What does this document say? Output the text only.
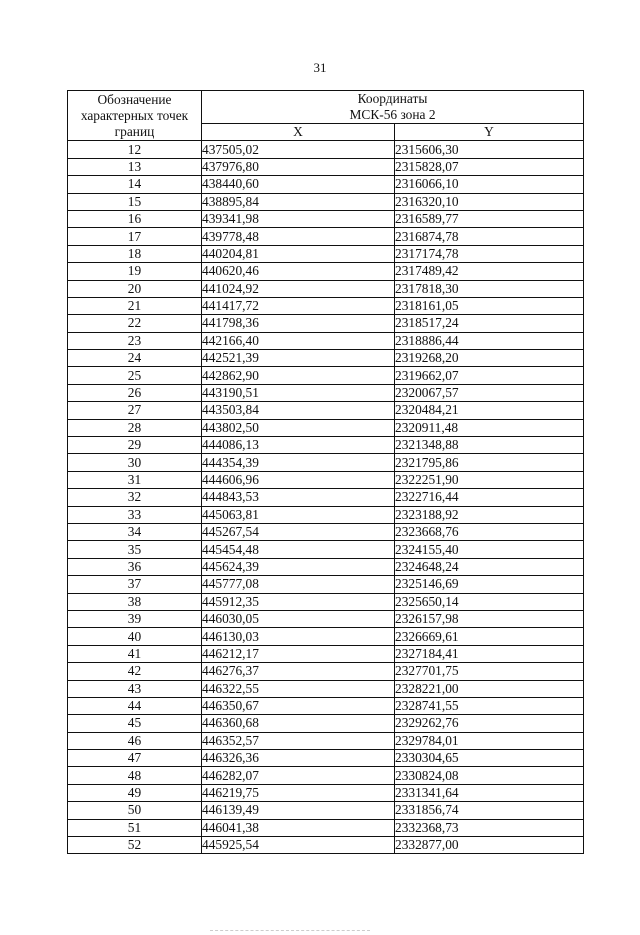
31
Обозначение характерных точек границ	Координаты
МСК-56 зона 2	
	X	Y
12	437505,02	2315606,30
13	437976,80	2315828,07
14	438440,60	2316066,10
15	438895,84	2316320,10
16	439341,98	2316589,77
17	439778,48	2316874,78
18	440204,81	2317174,78
19	440620,46	2317489,42
20	441024,92	2317818,30
21	441417,72	2318161,05
22	441798,36	2318517,24
23	442166,40	2318886,44
24	442521,39	2319268,20
25	442862,90	2319662,07
26	443190,51	2320067,57
27	443503,84	2320484,21
28	443802,50	2320911,48
29	444086,13	2321348,88
30	444354,39	2321795,86
31	444606,96	2322251,90
32	444843,53	2322716,44
33	445063,81	2323188,92
34	445267,54	2323668,76
35	445454,48	2324155,40
36	445624,39	2324648,24
37	445777,08	2325146,69
38	445912,35	2325650,14
39	446030,05	2326157,98
40	446130,03	2326669,61
41	446212,17	2327184,41
42	446276,37	2327701,75
43	446322,55	2328221,00
44	446350,67	2328741,55
45	446360,68	2329262,76
46	446352,57	2329784,01
47	446326,36	2330304,65
48	446282,07	2330824,08
49	446219,75	2331341,64
50	446139,49	2331856,74
51	446041,38	2332368,73
52	445925,54	2332877,00
